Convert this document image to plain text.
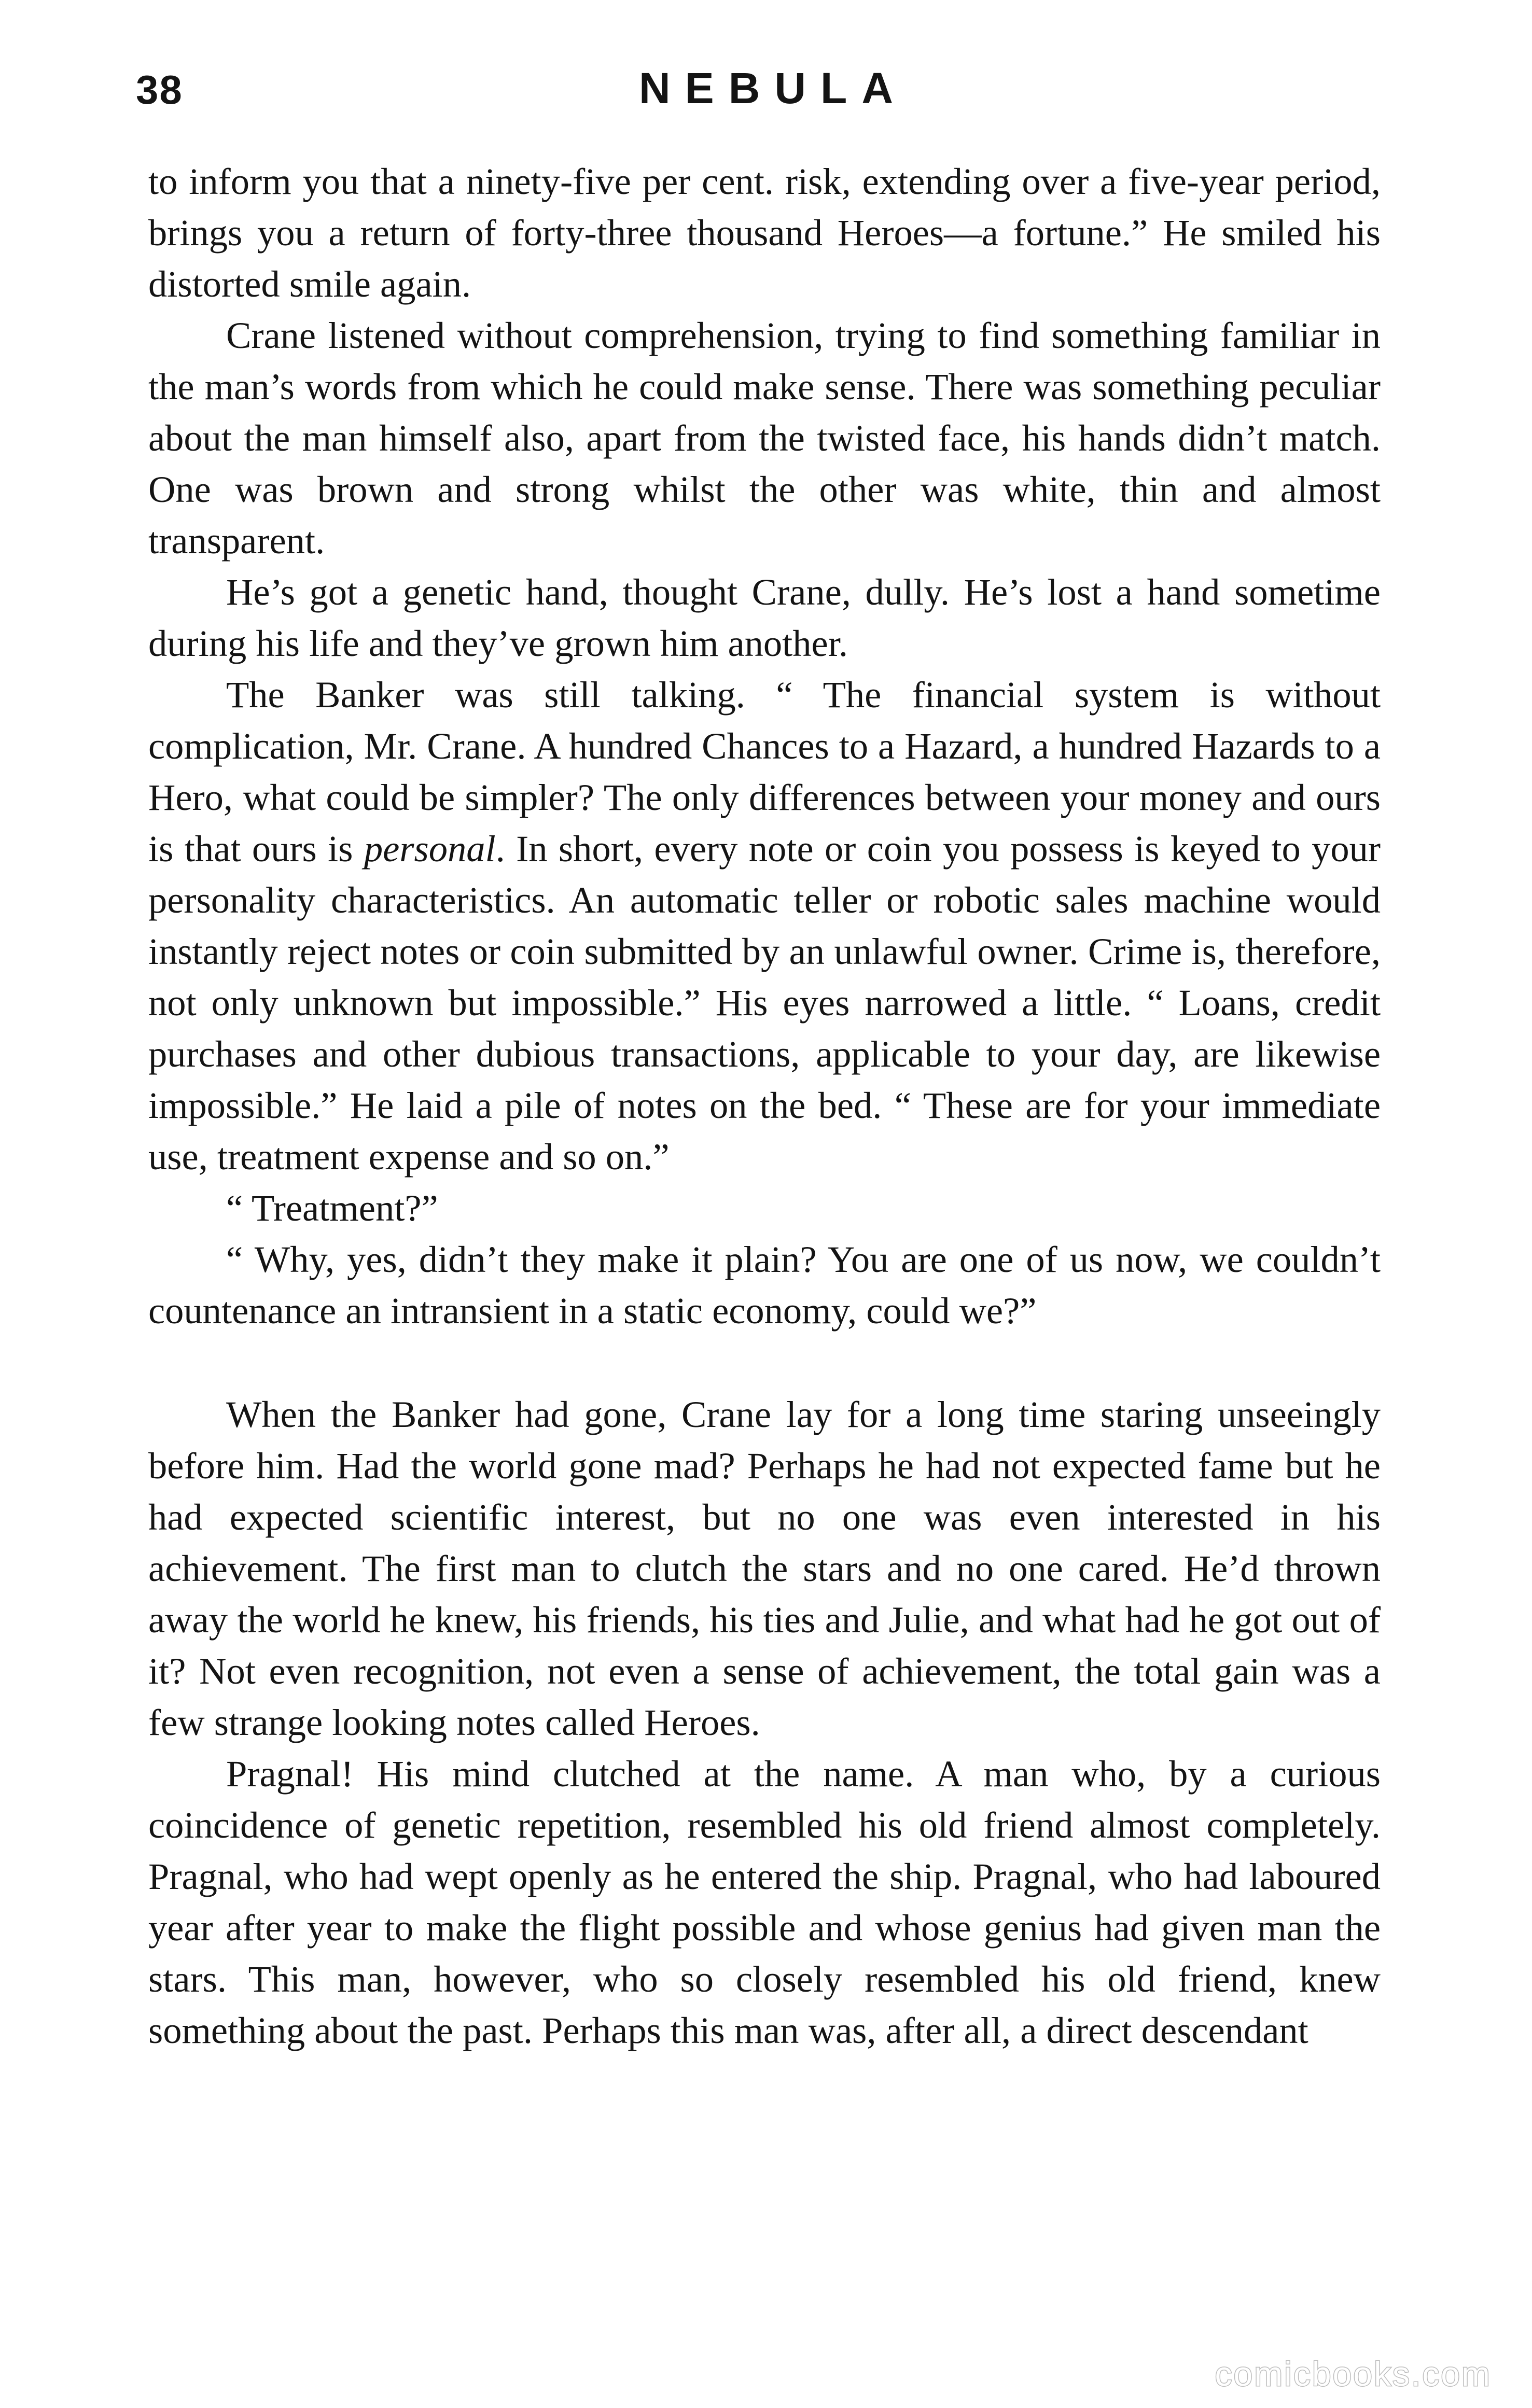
38	NEBULA

to inform you that a ninety-five per cent. risk, extending over a five-year period, brings you a return of forty-three thousand Heroes—a fortune.” He smiled his distorted smile again.

Crane listened without comprehension, trying to find something familiar in the man’s words from which he could make sense. There was something peculiar about the man himself also, apart from the twisted face, his hands didn’t match. One was brown and strong whilst the other was white, thin and almost transparent.

He’s got a genetic hand, thought Crane, dully. He’s lost a hand sometime during his life and they’ve grown him another.

The Banker was still talking. “ The financial system is without complication, Mr. Crane. A hundred Chances to a Hazard, a hundred Hazards to a Hero, what could be simpler? The only differences between your money and ours is that ours is personal. In short, every note or coin you possess is keyed to your personality characteristics. An automatic teller or robotic sales machine would instantly reject notes or coin submitted by an unlawful owner. Crime is, therefore, not only unknown but impossible.” His eyes narrowed a little. “ Loans, credit purchases and other dubious transactions, applicable to your day, are likewise impossible.” He laid a pile of notes on the bed. “ These are for your immediate use, treatment expense and so on.”

“ Treatment?”

“ Why, yes, didn’t they make it plain? You are one of us now, we couldn’t countenance an intransient in a static economy, could we?”

When the Banker had gone, Crane lay for a long time staring unseeingly before him. Had the world gone mad? Perhaps he had not expected fame but he had expected scientific interest, but no one was even interested in his achievement. The first man to clutch the stars and no one cared. He’d thrown away the world he knew, his friends, his ties and Julie, and what had he got out of it? Not even recognition, not even a sense of achievement, the total gain was a few strange looking notes called Heroes.

Pragnal! His mind clutched at the name. A man who, by a curious coincidence of genetic repetition, resembled his old friend almost completely. Pragnal, who had wept openly as he entered the ship. Pragnal, who had laboured year after year to make the flight possible and whose genius had given man the stars. This man, however, who so closely resembled his old friend, knew something about the past. Perhaps this man was, after all, a direct descendant

comicbooks.com
